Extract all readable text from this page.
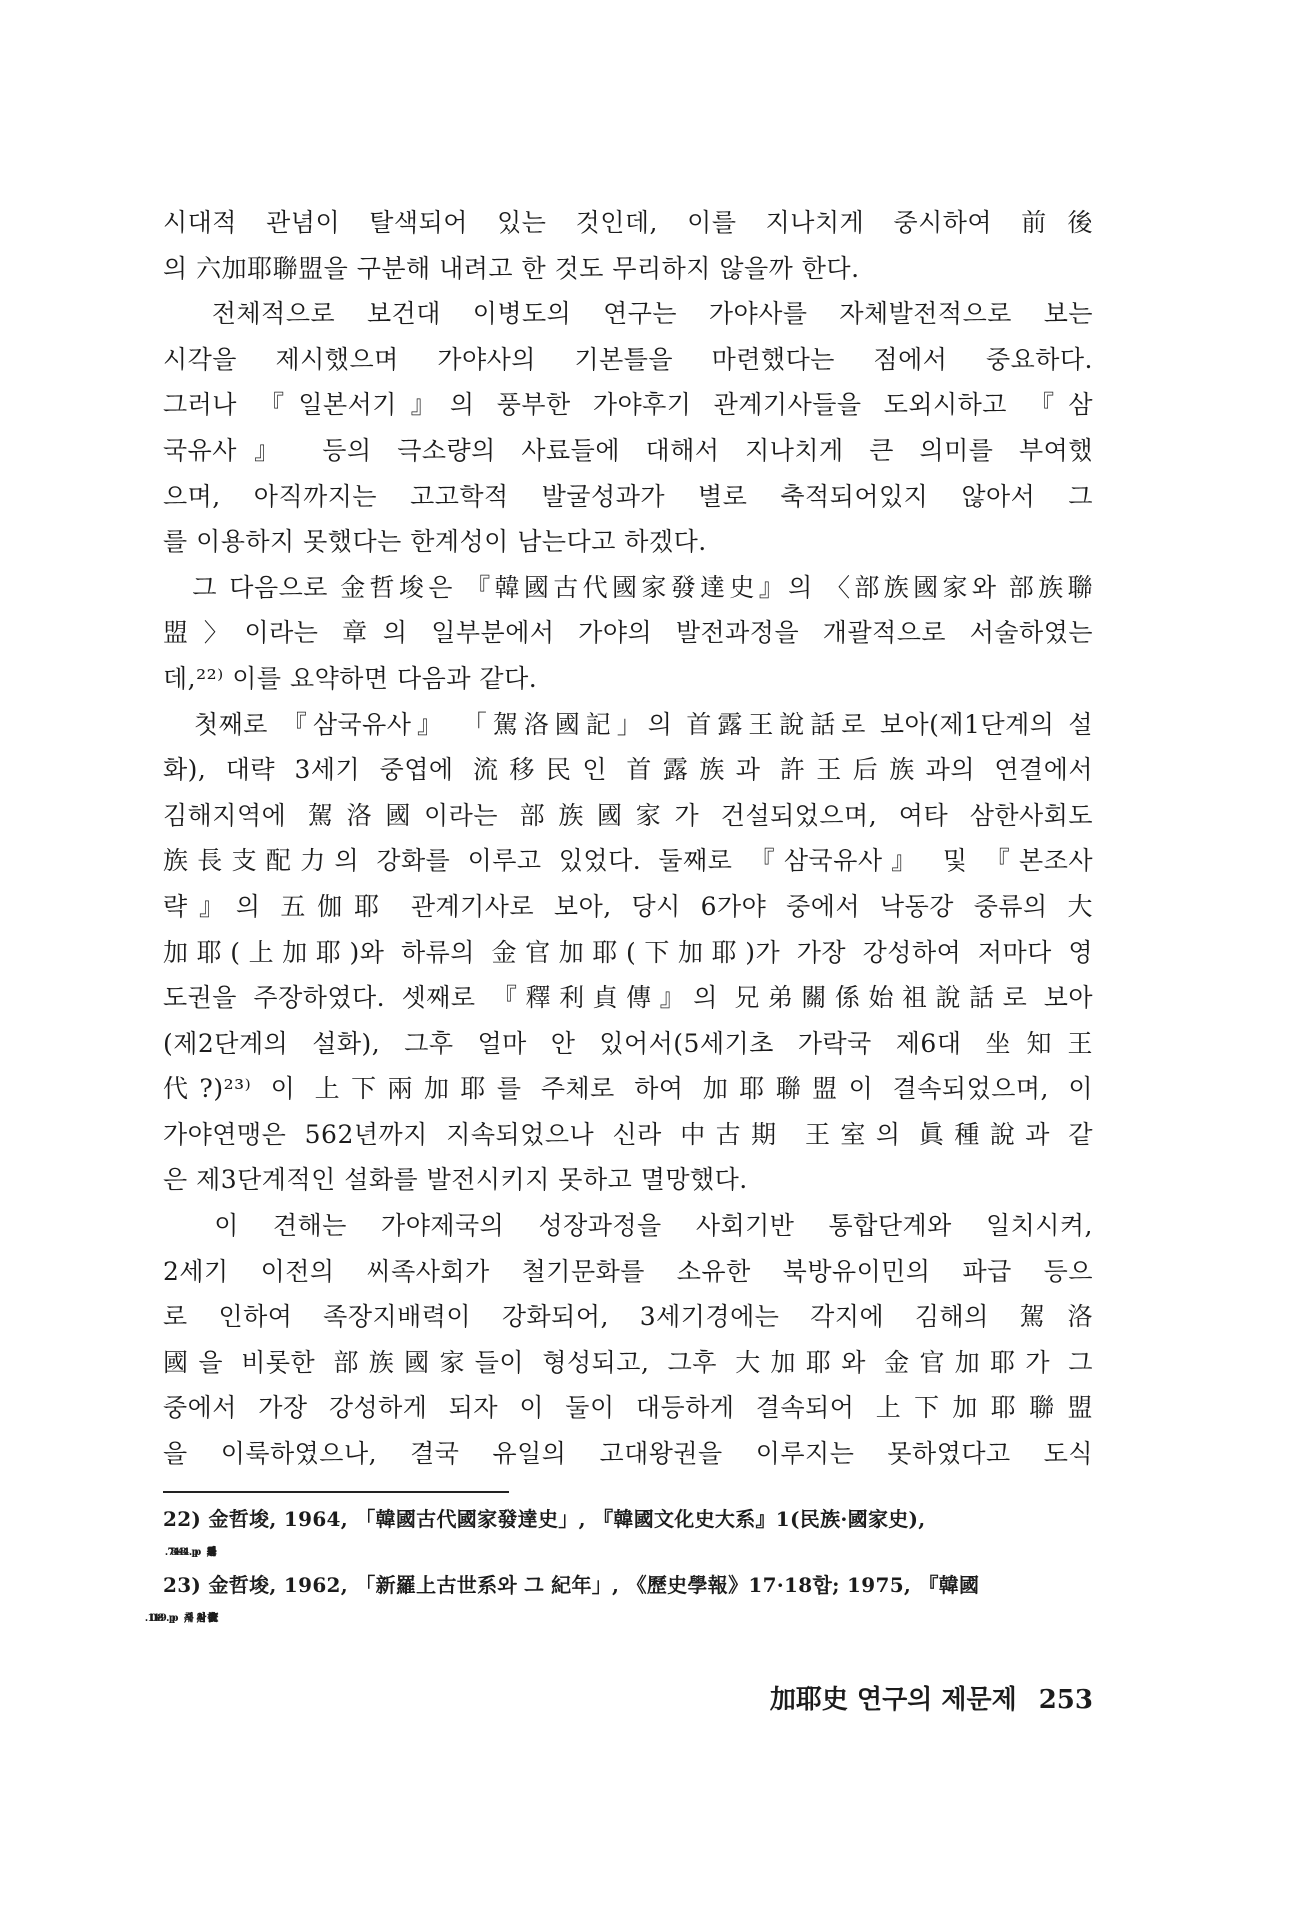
시대적 관념이 탈색되어 있는 것인데, 이를 지나치게 중시하여 前後
의 六加耶聯盟을 구분해 내려고 한 것도 무리하지 않을까 한다.
　전체적으로 보건대 이병도의 연구는 가야사를 자체발전적으로 보는
시각을 제시했으며 가야사의 기본틀을 마련했다는 점에서 중요하다.
그러나 『일본서기』의 풍부한 가야후기 관계기사들을 도외시하고 『삼
국유사』 등의 극소량의 사료들에 대해서 지나치게 큰 의미를 부여했
으며, 아직까지는 고고학적 발굴성과가 별로 축적되어있지 않아서 그
를 이용하지 못했다는 한계성이 남는다고 하겠다.
　그 다음으로 金哲埈은 『韓國古代國家發達史』의 〈部族國家와 部族聯
盟〉이라는 章의 일부분에서 가야의 발전과정을 개괄적으로 서술하였는
데,²²⁾ 이를 요약하면 다음과 같다.
　첫째로 『삼국유사』 「駕洛國記」의 首露王說話로 보아(제1단계의 설
화), 대략 3세기 중엽에 流移民인 首露族과 許王后族과의 연결에서
김해지역에 駕洛國이라는 部族國家가 건설되었으며, 여타 삼한사회도
族長支配力의 강화를 이루고 있었다. 둘째로 『삼국유사』 및 『본조사
략』의 五伽耶 관계기사로 보아, 당시 6가야 중에서 낙동강 중류의 大
加耶(上加耶)와 하류의 金官加耶(下加耶)가 가장 강성하여 저마다 영
도권을 주장하였다. 셋째로 『釋利貞傳』의 兄弟關係始祖說話로 보아
(제2단계의 설화), 그후 얼마 안 있어서(5세기초 가락국 제6대 坐知王
代?)²³⁾ 이 上下兩加耶를 주체로 하여 加耶聯盟이 결속되었으며, 이
가야연맹은 562년까지 지속되었으나 신라 中古期 王室의 眞種說과 같
은 제3단계적인 설화를 발전시키지 못하고 멸망했다.
　이 견해는 가야제국의 성장과정을 사회기반 통합단계와 일치시켜,
2세기 이전의 씨족사회가 철기문화를 소유한 북방유이민의 파급 등으
로 인하여 족장지배력이 강화되어, 3세기경에는 각지에 김해의 駕洛
國을 비롯한 部族國家들이 형성되고, 그후 大加耶와 金官加耶가 그
중에서 가장 강성하게 되자 이 둘이 대등하게 결속되어 上下加耶聯盟
을 이룩하였으나, 결국 유일의 고대왕권을 이루지는 못하였다고 도식
22) 金哲埈, 1964, 「韓國古代國家發達史」, 『韓國文化史大系』1(民族·國家史),
23) 金哲埈, 1962, 「新羅上古世系와 그 紀年」, 《歷史學報》17·18합; 1975, 『韓國
加耶史 연구의 제문제 253
